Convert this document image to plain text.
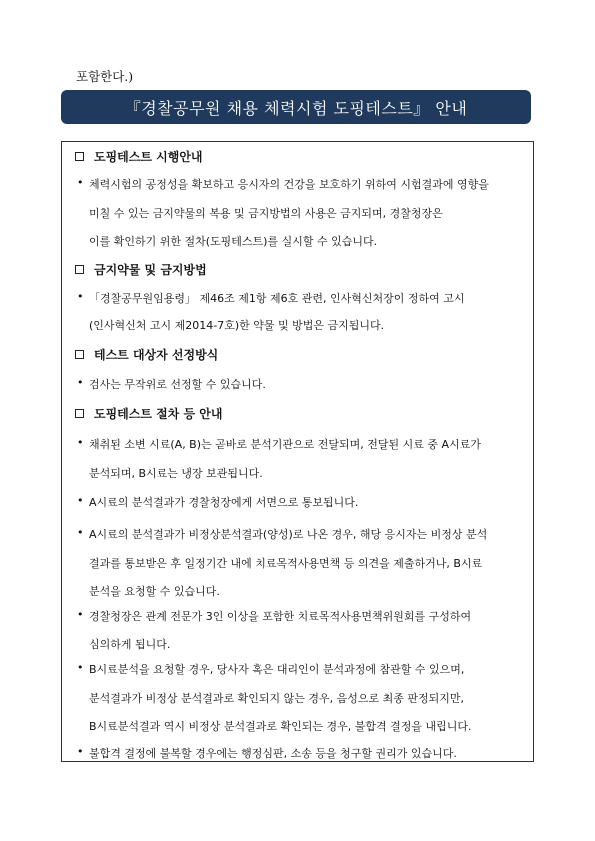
포함한다.)
『경찰공무원 채용 체력시험 도핑테스트』 안내
도핑테스트 시행안내
• 체력시험의 공정성을 확보하고 응시자의 건강을 보호하기 위하여 시험결과에 영향을
미칠 수 있는 금지약물의 복용 및 금지방법의 사용은 금지되며, 경찰청장은
이를 확인하기 위한 절차(도핑테스트)를 실시할 수 있습니다.
금지약물 및 금지방법
• 「경찰공무원임용령」 제46조 제1항 제6호 관련, 인사혁신처장이 정하여 고시
(인사혁신처 고시 제2014-7호)한 약물 및 방법은 금지됩니다.
테스트 대상자 선정방식
• 검사는 무작위로 선정할 수 있습니다.
도핑테스트 절차 등 안내
• 채취된 소변 시료(A, B)는 곧바로 분석기관으로 전달되며, 전달된 시료 중 A시료가
분석되며, B시료는 냉장 보관됩니다.
• A시료의 분석결과가 경찰청장에게 서면으로 통보됩니다.
• A시료의 분석결과가 비정상분석결과(양성)로 나온 경우, 해당 응시자는 비정상 분석
결과를 통보받은 후 일정기간 내에 치료목적사용면책 등 의견을 제출하거나, B시료
분석을 요청할 수 있습니다.
• 경찰청장은 관계 전문가 3인 이상을 포함한 치료목적사용면책위원회를 구성하여
심의하게 됩니다.
• B시료분석을 요청할 경우, 당사자 혹은 대리인이 분석과정에 참관할 수 있으며,
분석결과가 비정상 분석결과로 확인되지 않는 경우, 음성으로 최종 판정되지만,
B시료분석결과 역시 비정상 분석결과로 확인되는 경우, 불합격 결정을 내립니다.
• 불합격 결정에 불복할 경우에는 행정심판, 소송 등을 청구할 권리가 있습니다.
